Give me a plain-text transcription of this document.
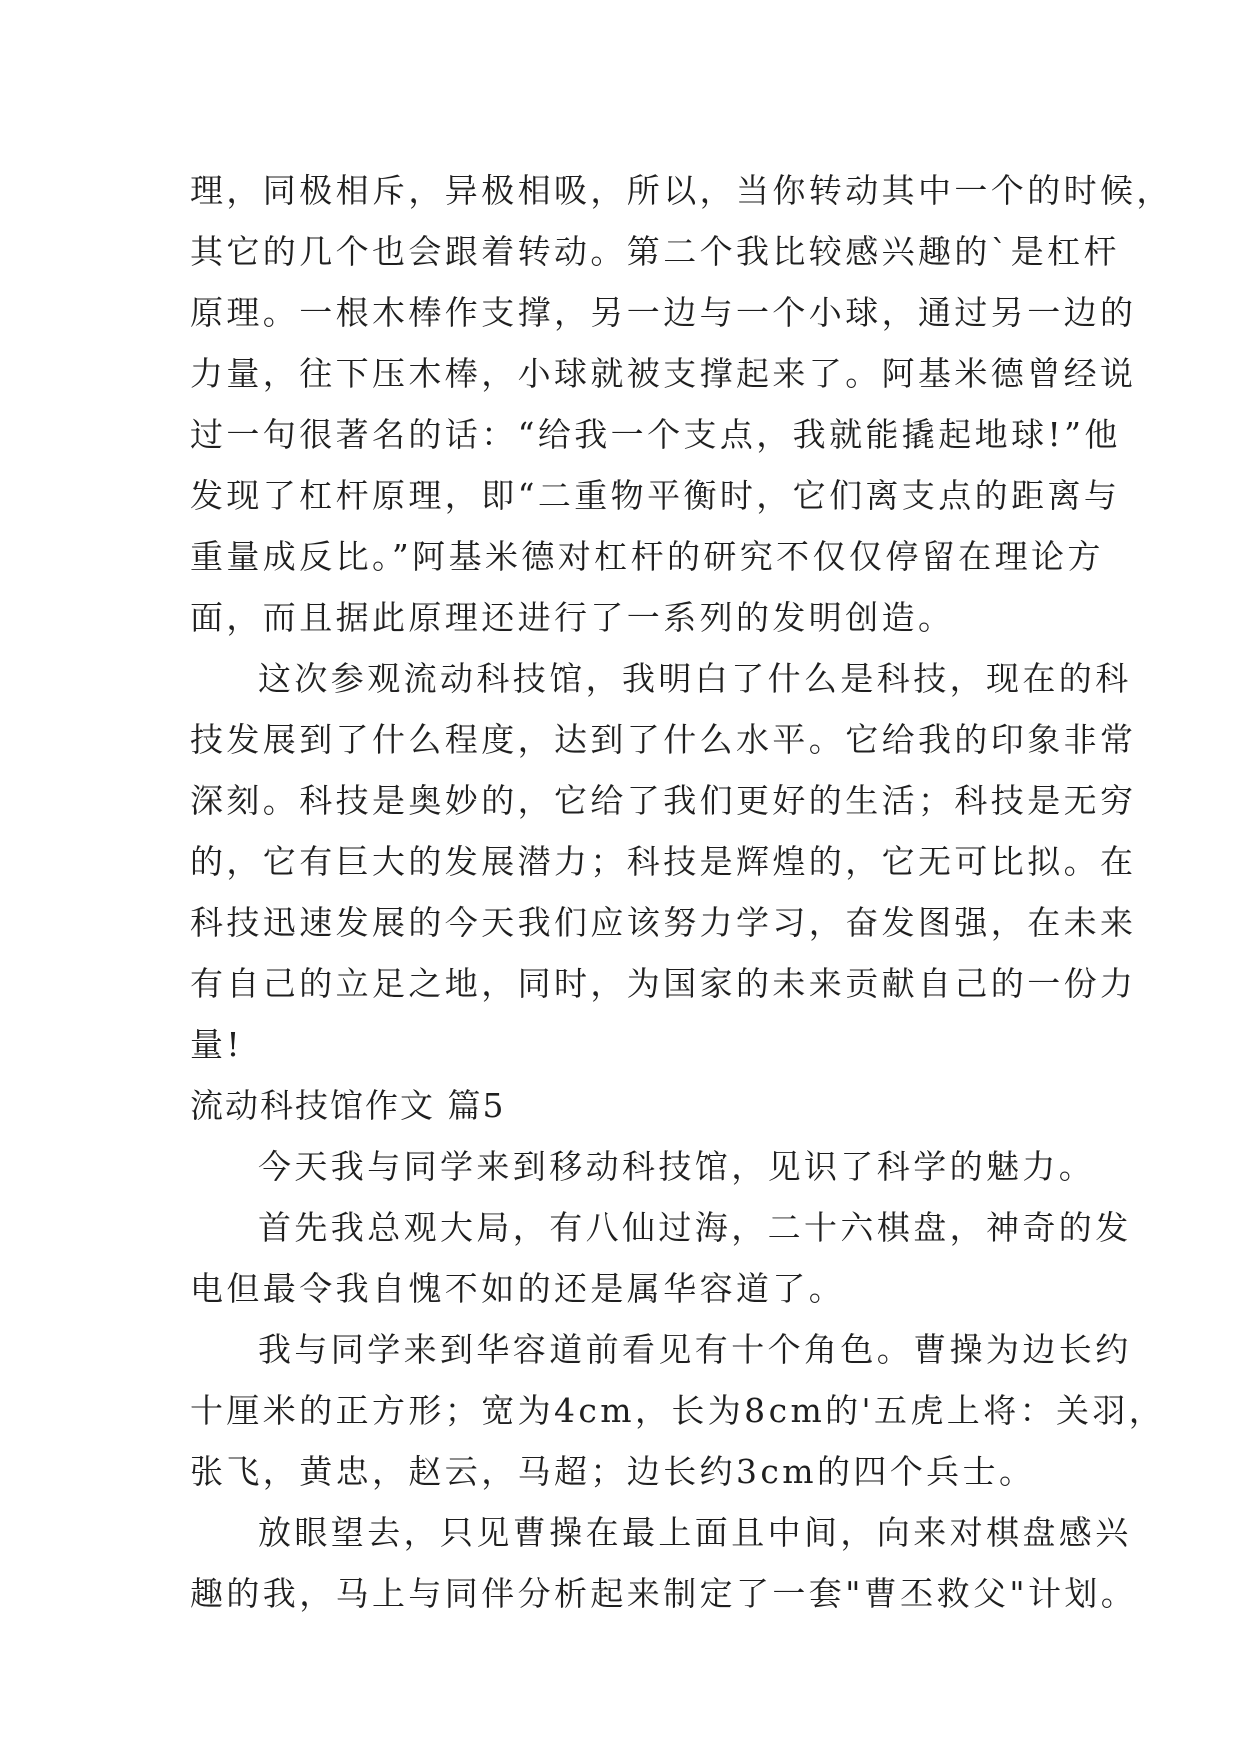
理，同极相斥，异极相吸，所以，当你转动其中一个的时候，
其它的几个也会跟着转动。第二个我比较感兴趣的`是杠杆
原理。一根木棒作支撑，另一边与一个小球，通过另一边的
力量，往下压木棒，小球就被支撑起来了。阿基米德曾经说
过一句很著名的话：“给我一个支点，我就能撬起地球!”他
发现了杠杆原理，即“二重物平衡时，它们离支点的距离与
重量成反比。”阿基米德对杠杆的研究不仅仅停留在理论方
面，而且据此原理还进行了一系列的发明创造。
这次参观流动科技馆，我明白了什么是科技，现在的科
技发展到了什么程度，达到了什么水平。它给我的印象非常
深刻。科技是奥妙的，它给了我们更好的生活；科技是无穷
的，它有巨大的发展潜力；科技是辉煌的，它无可比拟。在
科技迅速发展的今天我们应该努力学习，奋发图强，在未来
有自己的立足之地，同时，为国家的未来贡献自己的一份力
量!
流动科技馆作文 篇5
今天我与同学来到移动科技馆，见识了科学的魅力。
首先我总观大局，有八仙过海，二十六棋盘，神奇的发
电但最令我自愧不如的还是属华容道了。
我与同学来到华容道前看见有十个角色。曹操为边长约
十厘米的正方形；宽为4cm，长为8cm的'五虎上将：关羽，
张飞，黄忠，赵云，马超；边长约3cm的四个兵士。
放眼望去，只见曹操在最上面且中间，向来对棋盘感兴
趣的我，马上与同伴分析起来制定了一套"曹丕救父"计划。
